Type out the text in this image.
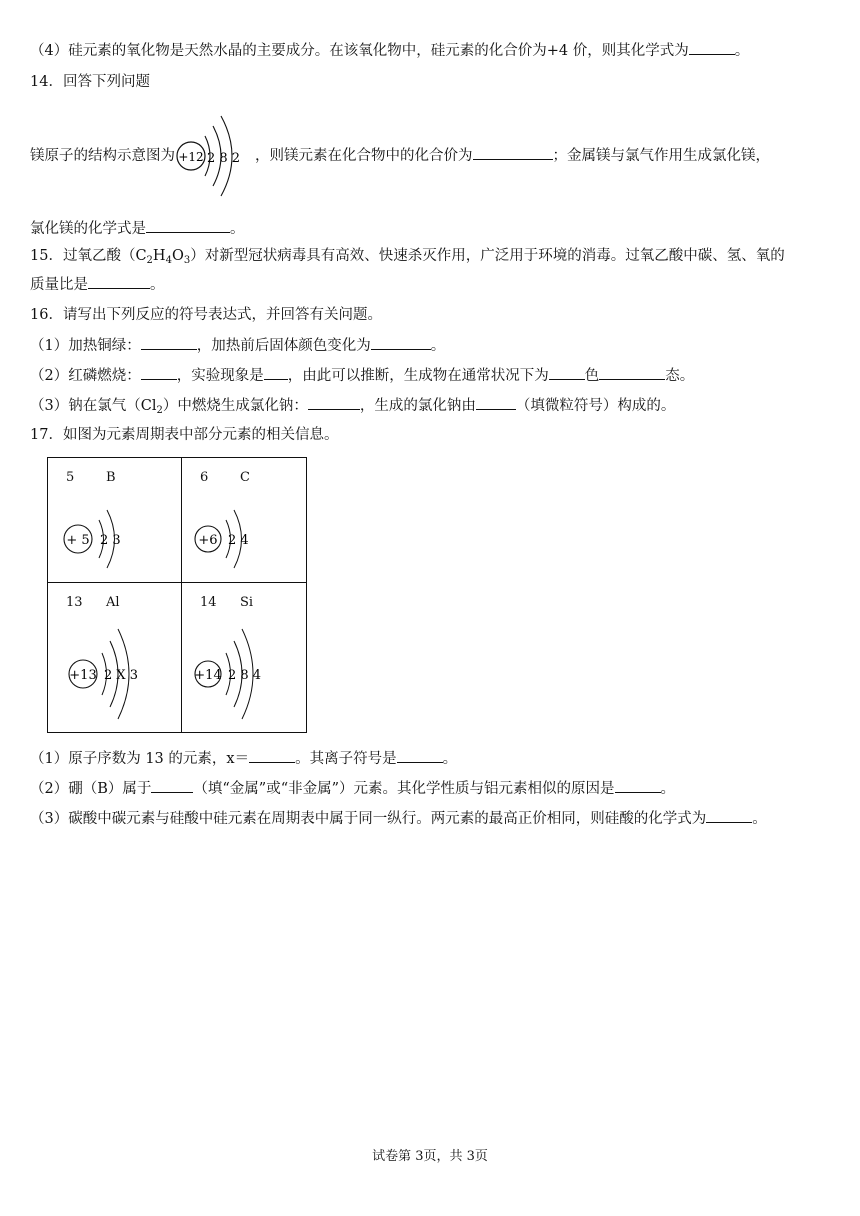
（4）硅元素的氧化物是天然水晶的主要成分。在该氧化物中，硅元素的化合价为+4 价，则其化学式为	。
14．回答下列问题
镁原子的结构示意图为 +12 2 8 2 ，则镁元素在化合物中的化合价为	；金属镁与氯气作用生成氯化镁，
氯化镁的化学式是	。
15．过氧乙酸$(C_2H_4O_3)$对新型冠状病毒具有高效、快速杀灭作用，广泛用于环境的消毒。过氧乙酸中碳、氢、氧的
质量比是	。
16．请写出下列反应的符号表达式，并回答有关问题。
（1）加热铜绿：	，加热前后固体颜色变化为	。
（2）红磷燃烧： ，实验现象是 ，由此可以推断，生成物在通常状况下为 色	态。
（3）钠在氯气$(Cl_2)$中燃烧生成氯化钠：	，生成的氯化钠由	（填微粒符号）构成的。
17．如图为元素周期表中部分元素的相关信息。
5 B
+ 5 2 3
6 C
+6 2 4
13 Al
+13 2 X 3
14 Si
+14 2 8 4
（1）原子序数为 13 的元素，x＝	。其离子符号是	。
（2）硼（B）属于	（填“金属”或“非金属”）元素。其化学性质与铝元素相似的原因是	。
（3）碳酸中碳元素与硅酸中硅元素在周期表中属于同一纵行。两元素的最高正价相同，则硅酸的化学式为	。
试卷第 3页，共 3页
